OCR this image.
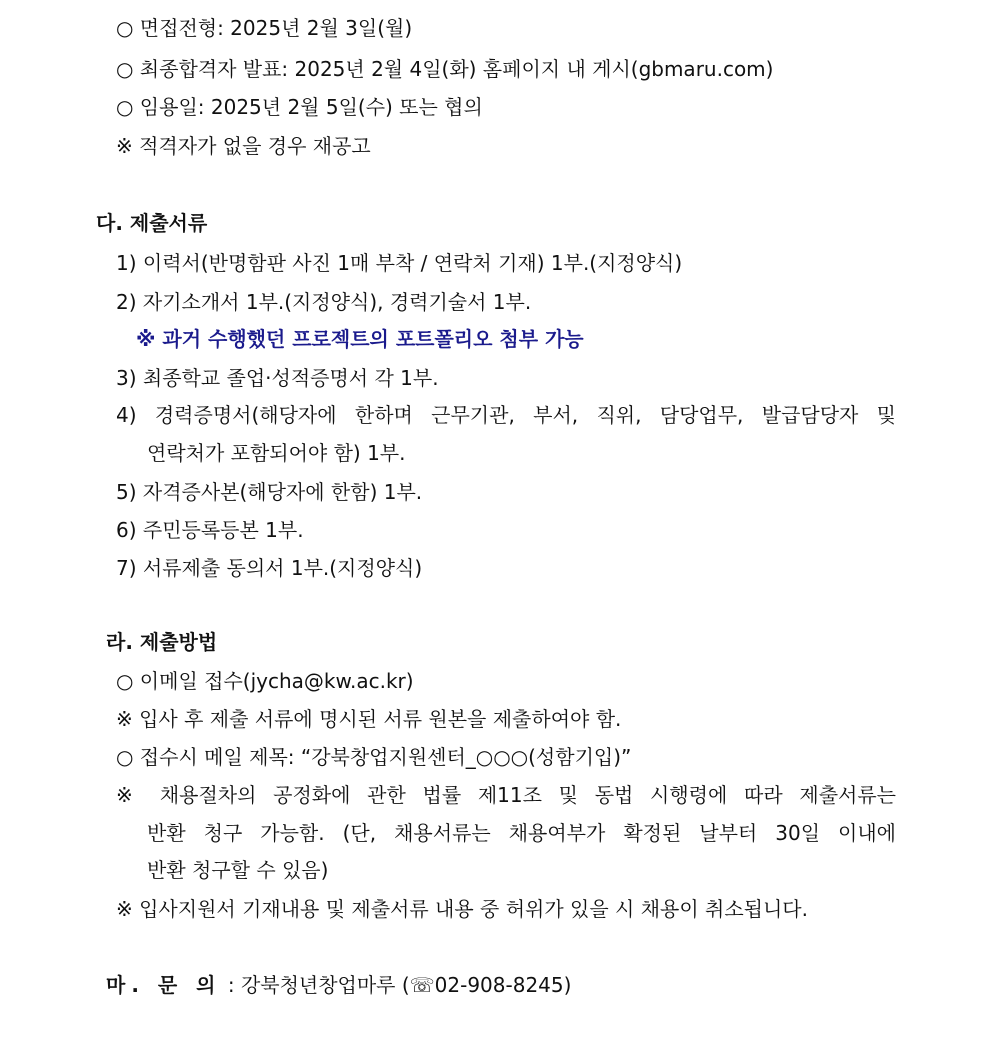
○ 면접전형: 2025년 2월 3일(월)
○ 최종합격자 발표: 2025년 2월 4일(화) 홈페이지 내 게시(gbmaru.com)
○ 임용일: 2025년 2월 5일(수) 또는 협의
※ 적격자가 없을 경우 재공고
다. 제출서류
1) 이력서(반명함판 사진 1매 부착 / 연락처 기재) 1부.(지정양식)
2) 자기소개서 1부.(지정양식), 경력기술서 1부.
※ 과거 수행했던 프로젝트의 포트폴리오 첨부 가능
3) 최종학교 졸업·성적증명서 각 1부.
4) 경력증명서(해당자에 한하며 근무기관, 부서, 직위, 담당업무, 발급담당자 및
연락처가 포함되어야 함) 1부.
5) 자격증사본(해당자에 한함) 1부.
6) 주민등록등본 1부.
7) 서류제출 동의서 1부.(지정양식)
라. 제출방법
○ 이메일 접수(jycha@kw.ac.kr)
※ 입사 후 제출 서류에 명시된 서류 원본을 제출하여야 함.
○ 접수시 메일 제목: “강북창업지원센터_○○○(성함기입)”
※ 채용절차의 공정화에 관한 법률 제11조 및 동법 시행령에 따라 제출서류는
반환 청구 가능함. (단, 채용서류는 채용여부가 확정된 날부터 30일 이내에
반환 청구할 수 있음)
※ 입사지원서 기재내용 및 제출서류 내용 중 허위가 있을 시 채용이 취소됩니다.
마. 문 의 : 강북청년창업마루 (☏02-908-8245)
